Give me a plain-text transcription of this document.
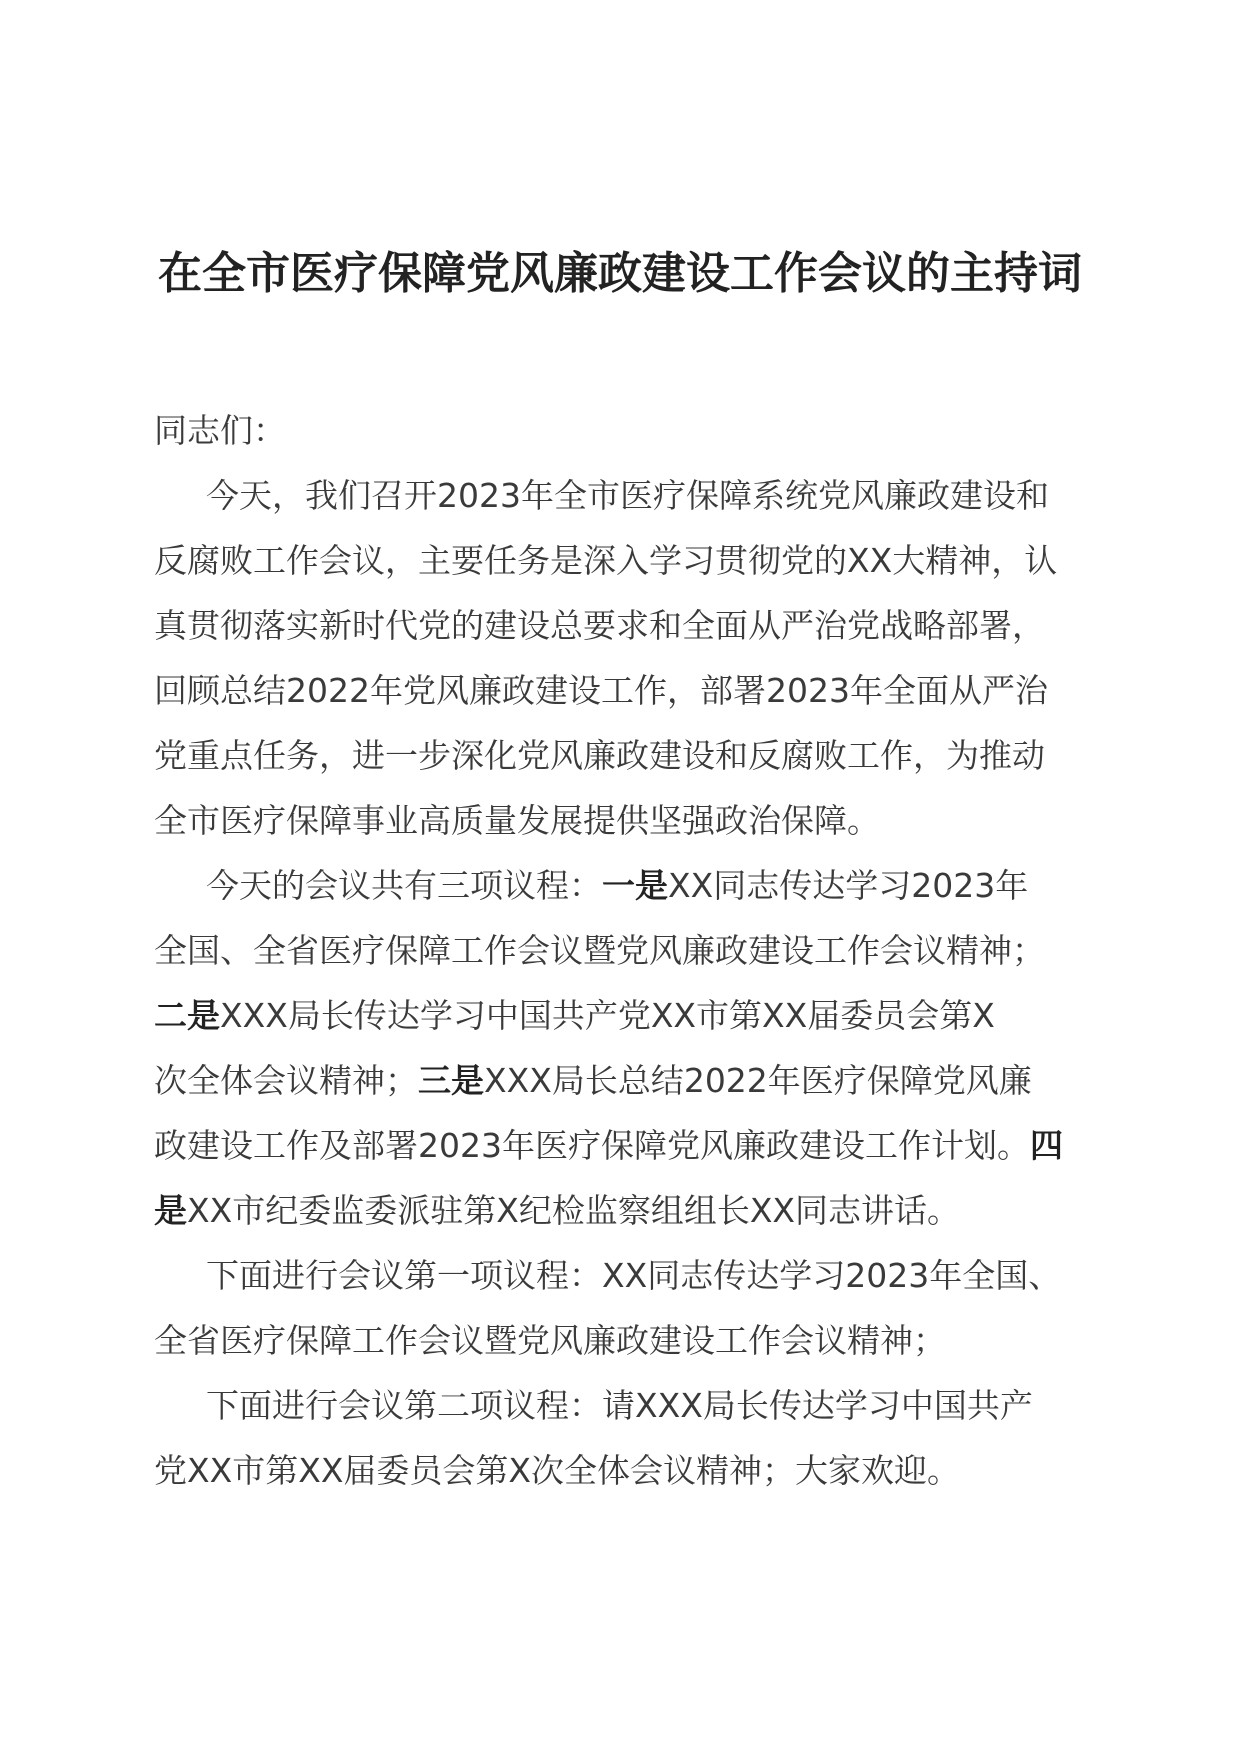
在全市医疗保障党风廉政建设工作会议的主持词
同志们：
今天，我们召开2023年全市医疗保障系统党风廉政建设和
反腐败工作会议，主要任务是深入学习贯彻党的XX大精神，认
真贯彻落实新时代党的建设总要求和全面从严治党战略部署，
回顾总结2022年党风廉政建设工作，部署2023年全面从严治
党重点任务，进一步深化党风廉政建设和反腐败工作，为推动
全市医疗保障事业高质量发展提供坚强政治保障。
今天的会议共有三项议程：一是XX同志传达学习2023年
全国、全省医疗保障工作会议暨党风廉政建设工作会议精神；
二是XXX局长传达学习中国共产党XX市第XX届委员会第X
次全体会议精神；三是XXX局长总结2022年医疗保障党风廉
政建设工作及部署2023年医疗保障党风廉政建设工作计划。四
是XX市纪委监委派驻第X纪检监察组组长XX同志讲话。
下面进行会议第一项议程：XX同志传达学习2023年全国、
全省医疗保障工作会议暨党风廉政建设工作会议精神；
下面进行会议第二项议程：请XXX局长传达学习中国共产
党XX市第XX届委员会第X次全体会议精神；大家欢迎。
